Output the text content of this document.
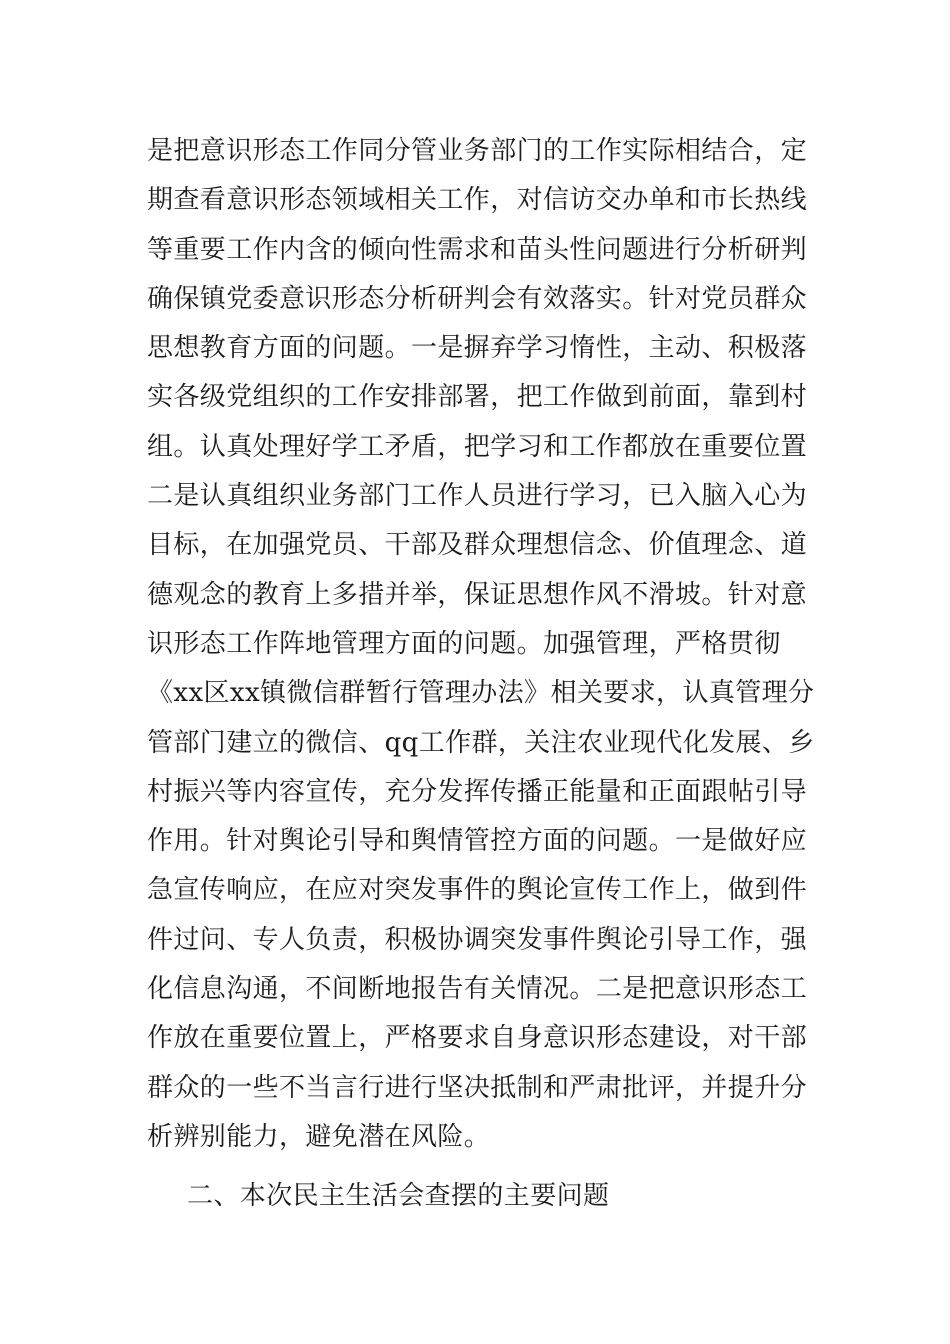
是把意识形态工作同分管业务部门的工作实际相结合，定
期查看意识形态领域相关工作，对信访交办单和市长热线
等重要工作内含的倾向性需求和苗头性问题进行分析研判
确保镇党委意识形态分析研判会有效落实。针对党员群众
思想教育方面的问题。一是摒弃学习惰性，主动、积极落
实各级党组织的工作安排部署，把工作做到前面，靠到村
组。认真处理好学工矛盾，把学习和工作都放在重要位置
二是认真组织业务部门工作人员进行学习，已入脑入心为
目标，在加强党员、干部及群众理想信念、价值理念、道
德观念的教育上多措并举，保证思想作风不滑坡。针对意
识形态工作阵地管理方面的问题。加强管理，严格贯彻
《xx区xx镇微信群暂行管理办法》相关要求，认真管理分
管部门建立的微信、qq工作群，关注农业现代化发展、乡
村振兴等内容宣传，充分发挥传播正能量和正面跟帖引导
作用。针对舆论引导和舆情管控方面的问题。一是做好应
急宣传响应，在应对突发事件的舆论宣传工作上，做到件
件过问、专人负责，积极协调突发事件舆论引导工作，强
化信息沟通，不间断地报告有关情况。二是把意识形态工
作放在重要位置上，严格要求自身意识形态建设，对干部
群众的一些不当言行进行坚决抵制和严肃批评，并提升分
析辨别能力，避免潜在风险。
二、本次民主生活会查摆的主要问题
